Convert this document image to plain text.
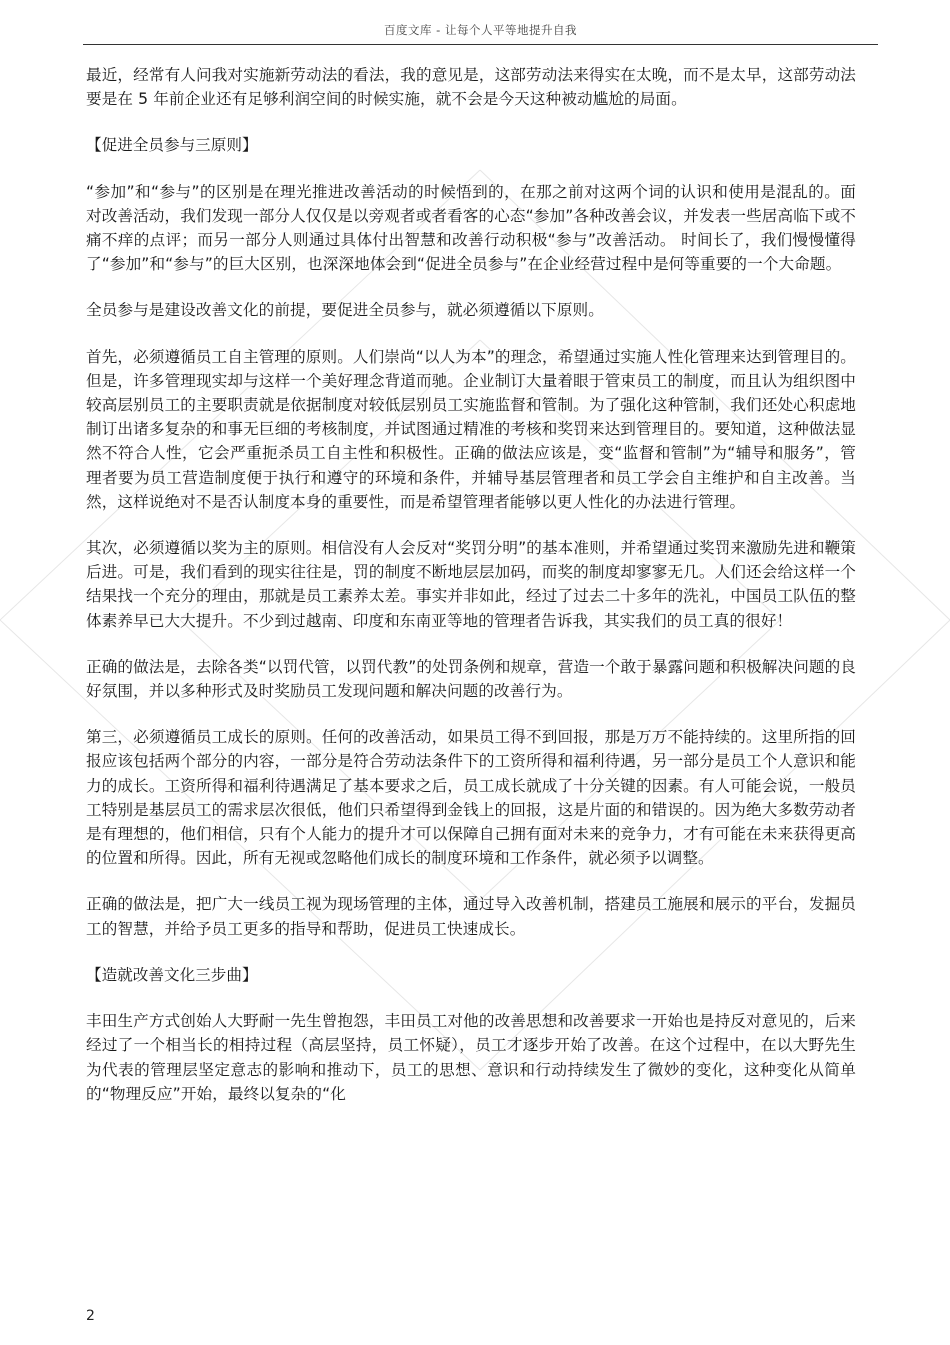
百度文库 - 让每个人平等地提升自我

最近，经常有人问我对实施新劳动法的看法，我的意见是，这部劳动法来得实在太晚，而不是太早，这部劳动法要是在 5 年前企业还有足够利润空间的时候实施，就不会是今天这种被动尴尬的局面。

【促进全员参与三原则】

“参加”和“参与”的区别是在理光推进改善活动的时候悟到的，在那之前对这两个词的认识和使用是混乱的。面对改善活动，我们发现一部分人仅仅是以旁观者或者看客的心态“参加”各种改善会议，并发表一些居高临下或不痛不痒的点评；而另一部分人则通过具体付出智慧和改善行动积极“参与”改善活动。 时间长了，我们慢慢懂得了“参加”和“参与”的巨大区别，也深深地体会到“促进全员参与”在企业经营过程中是何等重要的一个大命题。

全员参与是建设改善文化的前提，要促进全员参与，就必须遵循以下原则。

首先，必须遵循员工自主管理的原则。人们崇尚“以人为本”的理念，希望通过实施人性化管理来达到管理目的。但是，许多管理现实却与这样一个美好理念背道而驰。企业制订大量着眼于管束员工的制度，而且认为组织图中较高层别员工的主要职责就是依据制度对较低层别员工实施监督和管制。为了强化这种管制，我们还处心积虑地制订出诸多复杂的和事无巨细的考核制度，并试图通过精准的考核和奖罚来达到管理目的。要知道，这种做法显然不符合人性，它会严重扼杀员工自主性和积极性。正确的做法应该是，变“监督和管制”为“辅导和服务”，管理者要为员工营造制度便于执行和遵守的环境和条件，并辅导基层管理者和员工学会自主维护和自主改善。当然，这样说绝对不是否认制度本身的重要性，而是希望管理者能够以更人性化的办法进行管理。

其次，必须遵循以奖为主的原则。相信没有人会反对“奖罚分明”的基本准则，并希望通过奖罚来激励先进和鞭策后进。可是，我们看到的现实往往是，罚的制度不断地层层加码，而奖的制度却寥寥无几。人们还会给这样一个结果找一个充分的理由，那就是员工素养太差。事实并非如此，经过了过去二十多年的洗礼，中国员工队伍的整体素养早已大大提升。不少到过越南、印度和东南亚等地的管理者告诉我，其实我们的员工真的很好！

正确的做法是，去除各类“以罚代管，以罚代教”的处罚条例和规章，营造一个敢于暴露问题和积极解决问题的良好氛围，并以多种形式及时奖励员工发现问题和解决问题的改善行为。

第三，必须遵循员工成长的原则。任何的改善活动，如果员工得不到回报，那是万万不能持续的。这里所指的回报应该包括两个部分的内容，一部分是符合劳动法条件下的工资所得和福利待遇，另一部分是员工个人意识和能力的成长。工资所得和福利待遇满足了基本要求之后，员工成长就成了十分关键的因素。有人可能会说，一般员工特别是基层员工的需求层次很低，他们只希望得到金钱上的回报，这是片面的和错误的。因为绝大多数劳动者是有理想的，他们相信，只有个人能力的提升才可以保障自己拥有面对未来的竞争力，才有可能在未来获得更高的位置和所得。因此，所有无视或忽略他们成长的制度环境和工作条件，就必须予以调整。

正确的做法是，把广大一线员工视为现场管理的主体，通过导入改善机制，搭建员工施展和展示的平台，发掘员工的智慧，并给予员工更多的指导和帮助，促进员工快速成长。

【造就改善文化三步曲】

丰田生产方式创始人大野耐一先生曾抱怨，丰田员工对他的改善思想和改善要求一开始也是持反对意见的，后来经过了一个相当长的相持过程（高层坚持，员工怀疑），员工才逐步开始了改善。在这个过程中，在以大野先生为代表的管理层坚定意志的影响和推动下，员工的思想、意识和行动持续发生了微妙的变化，这种变化从简单的“物理反应”开始，最终以复杂的“化

2
